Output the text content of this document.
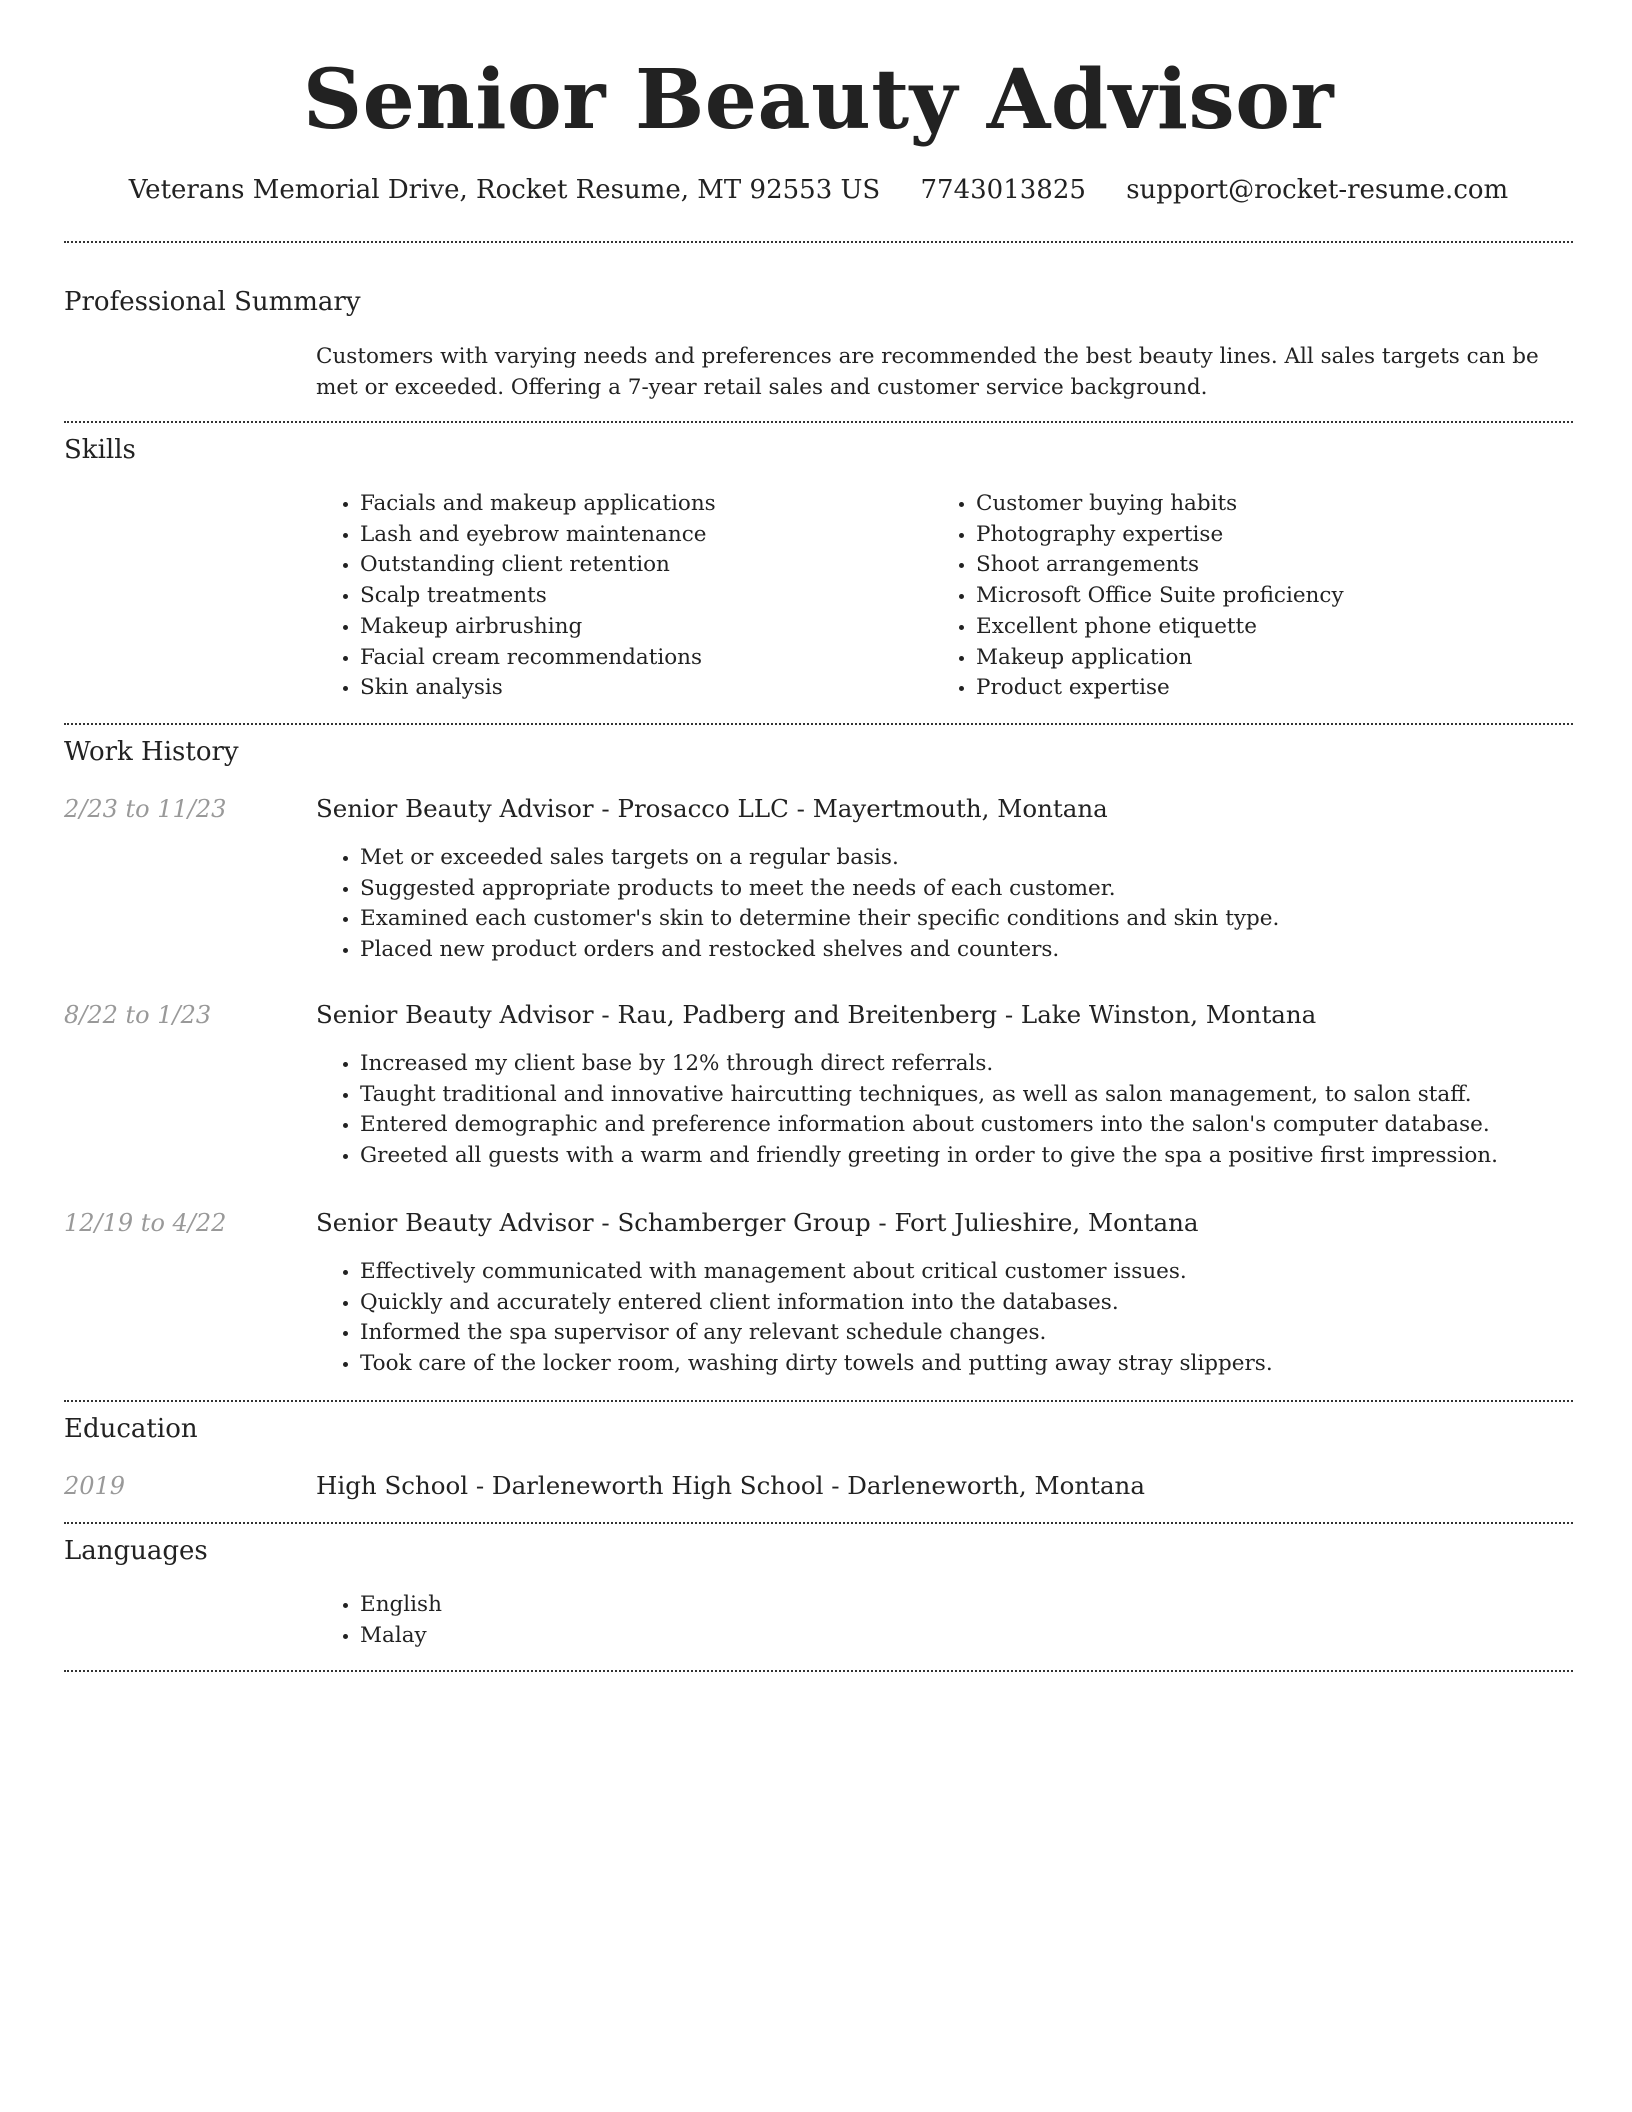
Senior Beauty Advisor
Veterans Memorial Drive, Rocket Resume, MT 92553 US 7743013825 support@rocket-resume.com
Professional Summary
Customers with varying needs and preferences are recommended the best beauty lines. All sales targets can be met or exceeded. Offering a 7-year retail sales and customer service background.
Skills
• Facials and makeup applications
• Lash and eyebrow maintenance
• Outstanding client retention
• Scalp treatments
• Makeup airbrushing
• Facial cream recommendations
• Skin analysis
• Customer buying habits
• Photography expertise
• Shoot arrangements
• Microsoft Office Suite proficiency
• Excellent phone etiquette
• Makeup application
• Product expertise
Work History
2/23 to 11/23	Senior Beauty Advisor - Prosacco LLC - Mayertmouth, Montana
• Met or exceeded sales targets on a regular basis.
• Suggested appropriate products to meet the needs of each customer.
• Examined each customer's skin to determine their specific conditions and skin type.
• Placed new product orders and restocked shelves and counters.
8/22 to 1/23	Senior Beauty Advisor - Rau, Padberg and Breitenberg - Lake Winston, Montana
• Increased my client base by 12% through direct referrals.
• Taught traditional and innovative haircutting techniques, as well as salon management, to salon staff.
• Entered demographic and preference information about customers into the salon's computer database.
• Greeted all guests with a warm and friendly greeting in order to give the spa a positive first impression.
12/19 to 4/22	Senior Beauty Advisor - Schamberger Group - Fort Julieshire, Montana
• Effectively communicated with management about critical customer issues.
• Quickly and accurately entered client information into the databases.
• Informed the spa supervisor of any relevant schedule changes.
• Took care of the locker room, washing dirty towels and putting away stray slippers.
Education
2019	High School - Darleneworth High School - Darleneworth, Montana
Languages
• English
• Malay
